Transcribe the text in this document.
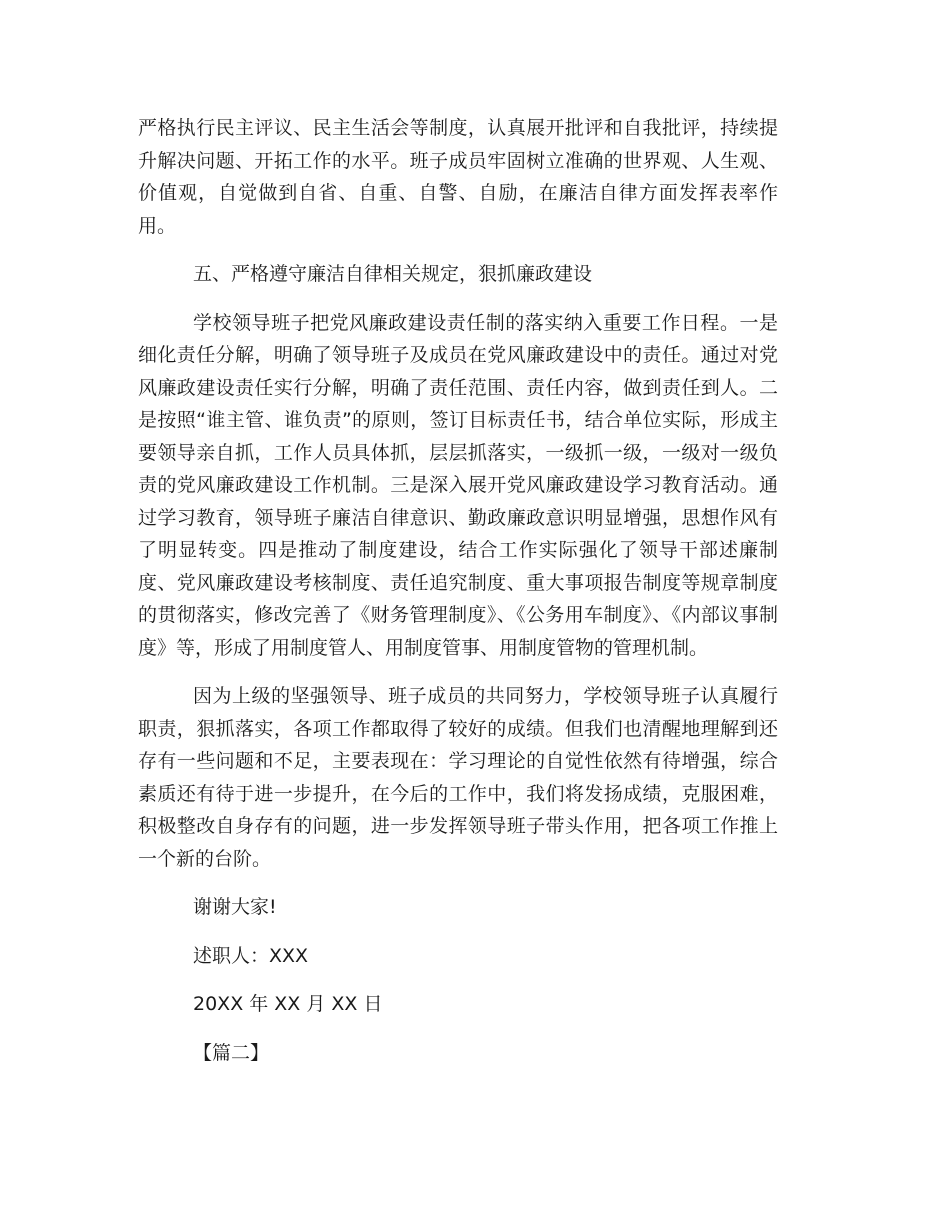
严格执行民主评议、民主生活会等制度，认真展开批评和自我批评，持续提升解决问题、开拓工作的水平。班子成员牢固树立准确的世界观、人生观、价值观，自觉做到自省、自重、自警、自励，在廉洁自律方面发挥表率作用。

五、严格遵守廉洁自律相关规定，狠抓廉政建设

学校领导班子把党风廉政建设责任制的落实纳入重要工作日程。一是细化责任分解，明确了领导班子及成员在党风廉政建设中的责任。通过对党风廉政建设责任实行分解，明确了责任范围、责任内容，做到责任到人。二是按照“谁主管、谁负责”的原则，签订目标责任书，结合单位实际，形成主要领导亲自抓，工作人员具体抓，层层抓落实，一级抓一级，一级对一级负责的党风廉政建设工作机制。三是深入展开党风廉政建设学习教育活动。通过学习教育，领导班子廉洁自律意识、勤政廉政意识明显增强，思想作风有了明显转变。四是推动了制度建设，结合工作实际强化了领导干部述廉制度、党风廉政建设考核制度、责任追究制度、重大事项报告制度等规章制度的贯彻落实，修改完善了《财务管理制度》、《公务用车制度》、《内部议事制度》等，形成了用制度管人、用制度管事、用制度管物的管理机制。

因为上级的坚强领导、班子成员的共同努力，学校领导班子认真履行职责，狠抓落实，各项工作都取得了较好的成绩。但我们也清醒地理解到还存有一些问题和不足，主要表现在：学习理论的自觉性依然有待增强，综合素质还有待于进一步提升，在今后的工作中，我们将发扬成绩，克服困难，积极整改自身存有的问题，进一步发挥领导班子带头作用，把各项工作推上一个新的台阶。

谢谢大家!

述职人：XXX

20XX 年 XX 月 XX 日

【篇二】
